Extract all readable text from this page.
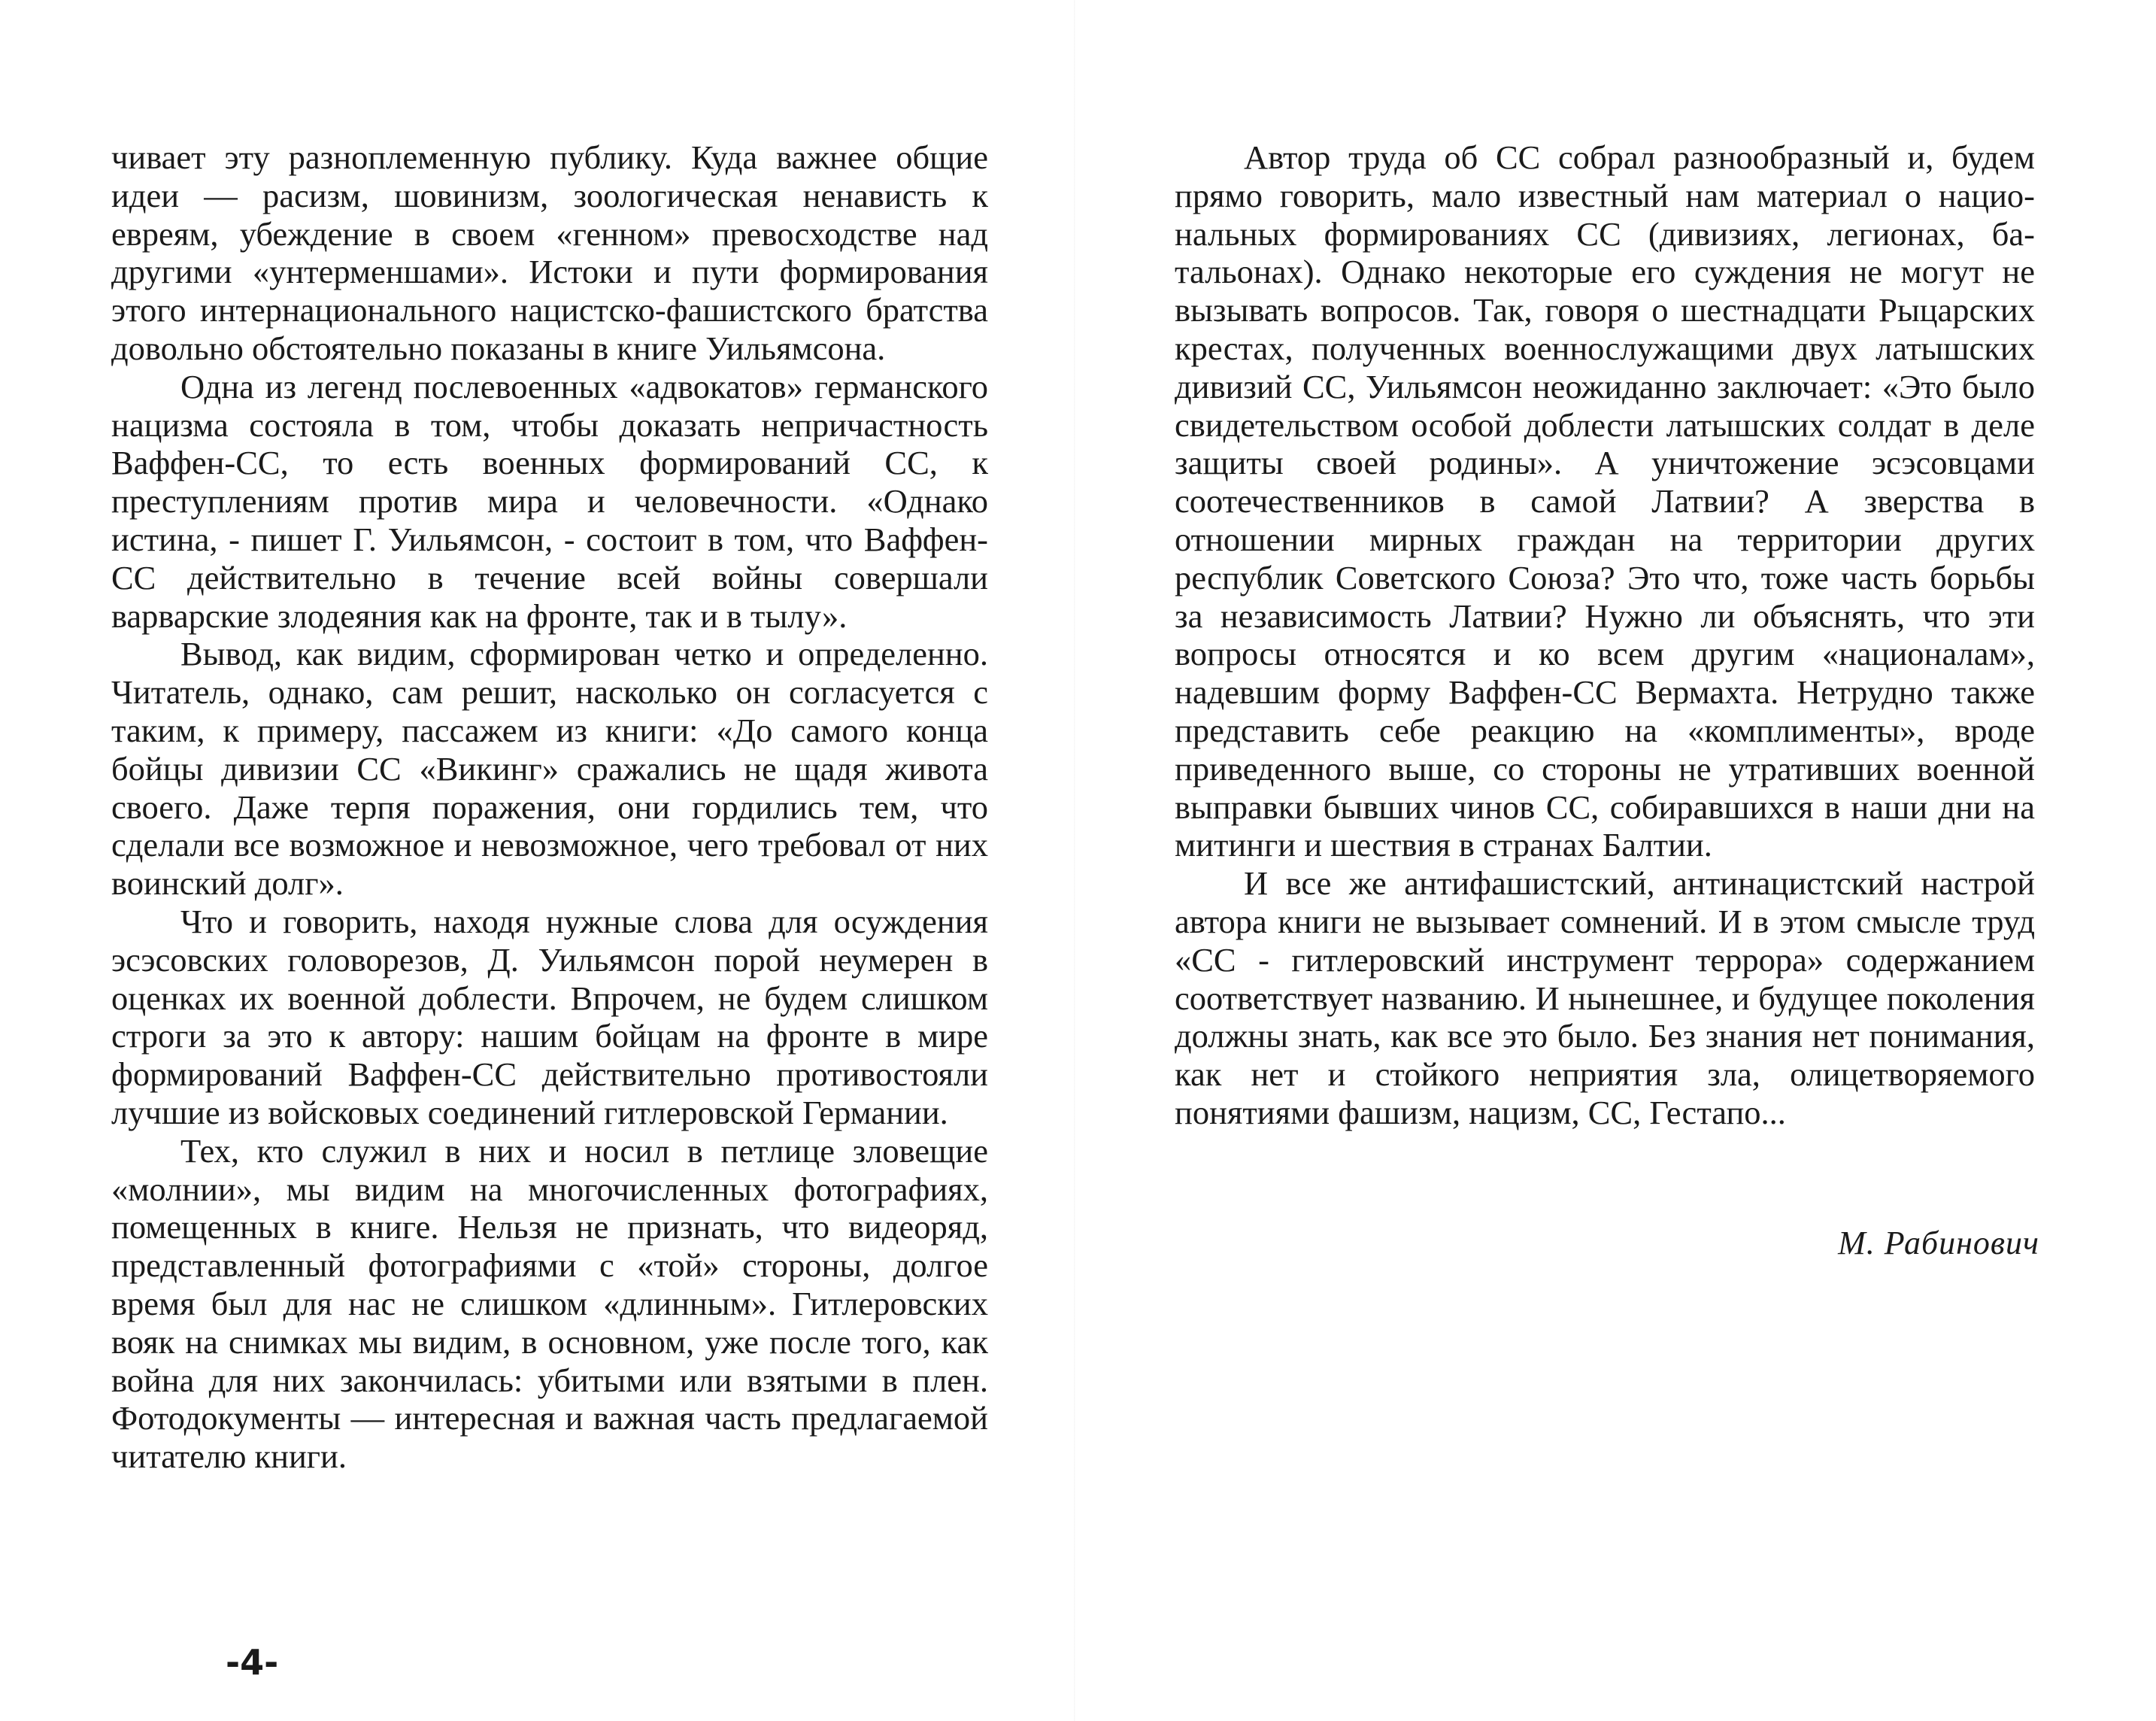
чивает эту разноплеменную публику. Куда важнее общие идеи — расизм, шовинизм, зоологическая ненависть к евреям, убеждение в своем «генном» превосходстве над другими «унтерменшами». Истоки и пути формирования этого интернационального нацистско-фашистского братства довольно обстоятельно показаны в книге Уильямсона.

Одна из легенд послевоенных «адвокатов» германского нацизма состояла в том, чтобы доказать непричастность Ваффен-СС, то есть военных формирований СС, к преступлениям против мира и человечности. «Однако истина, - пишет Г. Уильямсон, - состоит в том, что Ваффен-СС действительно в течение всей войны совершали варварские злодеяния как на фронте, так и в тылу».

Вывод, как видим, сформирован четко и определенно. Читатель, однако, сам решит, насколько он согласуется с таким, к примеру, пассажем из книги: «До самого конца бойцы дивизии СС «Викинг» сражались не щадя живота своего. Даже терпя поражения, они гордились тем, что сделали все возможное и невозможное, чего требовал от них воинский долг».

Что и говорить, находя нужные слова для осуждения эсэсовских головорезов, Д. Уильямсон порой неумерен в оценках их военной доблести. Впрочем, не будем слишком строги за это к автору: нашим бойцам на фронте в мире формирований Ваффен-СС действительно противостояли лучшие из войсковых соединений гитлеровской Германии.

Тех, кто служил в них и носил в петлице зловещие «молнии», мы видим на многочисленных фотографиях, помещенных в книге. Нельзя не признать, что видеоряд, представленный фотографиями с «той» стороны, долгое время был для нас не слишком «длинным». Гитлеровских вояк на снимках мы видим, в основном, уже после того, как война для них закончилась: убитыми или взятыми в плен. Фотодокументы — интересная и важная часть предлагаемой читателю книги.

-4-

Автор труда об СС собрал разнообразный и, будем прямо говорить, мало известный нам материал о национальных формированиях СС (дивизиях, легионах, батальонах). Однако некоторые его суждения не могут не вызывать вопросов. Так, говоря о шестнадцати Рыцарских крестах, полученных военнослужащими двух латышских дивизий СС, Уильямсон неожиданно заключает: «Это было свидетельством особой доблести латышских солдат в деле защиты своей родины». А уничтожение эсэсовцами соотечественников в самой Латвии? А зверства в отношении мирных граждан на территории других республик Советского Союза? Это что, тоже часть борьбы за независимость Латвии? Нужно ли объяснять, что эти вопросы относятся и ко всем другим «националам», надевшим форму Ваффен-СС Вермахта. Нетрудно также представить себе реакцию на «комплименты», вроде приведенного выше, со стороны не утративших военной выправки бывших чинов СС, собиравшихся в наши дни на митинги и шествия в странах Балтии.

И все же антифашистский, антинацистский настрой автора книги не вызывает сомнений. И в этом смысле труд «СС - гитлеровский инструмент террора» содержанием соответствует названию. И нынешнее, и будущее поколения должны знать, как все это было. Без знания нет понимания, как нет и стойкого неприятия зла, олицетворяемого понятиями фашизм, нацизм, СС, Гестапо...

М. Рабинович
